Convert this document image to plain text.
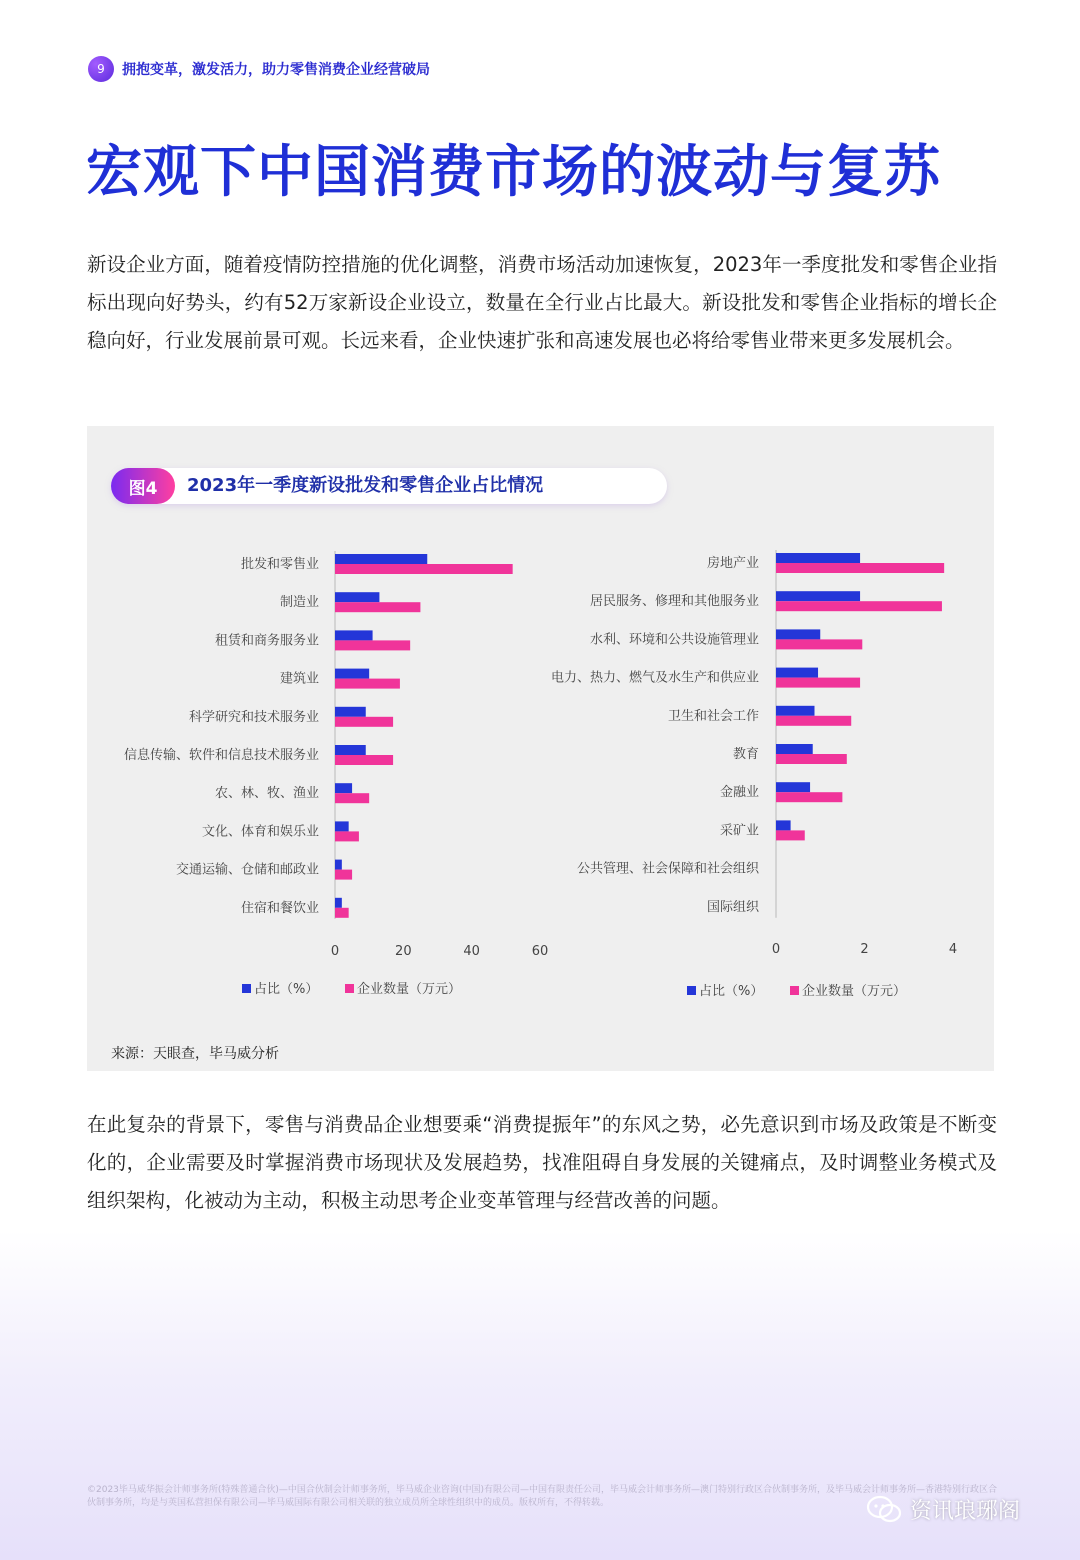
9	拥抱变革，激发活力，助力零售消费企业经营破局
宏观下中国消费市场的波动与复苏

新设企业方面，随着疫情防控措施的优化调整，消费市场活动加速恢复，2023年一季度批发和零售企业指标出现向好势头，约有52万家新设企业设立，数量在全行业占比最大。新设批发和零售企业指标的增长企稳向好，行业发展前景可观。长远来看，企业快速扩张和高速发展也必将给零售业带来更多发展机会。

图4	2023年一季度新设批发和零售企业占比情况
批发和零售业
制造业
租赁和商务服务业
建筑业
科学研究和技术服务业
信息传输、软件和信息技术服务业
农、林、牧、渔业
文化、体育和娱乐业
交通运输、仓储和邮政业
住宿和餐饮业
0	20	40	60
占比（%）	企业数量（万元）
房地产业
居民服务、修理和其他服务业
水利、环境和公共设施管理业
电力、热力、燃气及水生产和供应业
卫生和社会工作
教育
金融业
采矿业
公共管理、社会保障和社会组织
国际组织
0	2	4
占比（%）	企业数量（万元）
来源：天眼查，毕马威分析

在此复杂的背景下，零售与消费品企业想要乘“消费提振年”的东风之势，必先意识到市场及政策是不断变化的，企业需要及时掌握消费市场现状及发展趋势，找准阻碍自身发展的关键痛点，及时调整业务模式及组织架构，化被动为主动，积极主动思考企业变革管理与经营改善的问题。

©2023毕马威华振会计师事务所(特殊普通合伙)—中国合伙制会计师事务所，毕马威企业咨询(中国)有限公司—中国有限责任公司，毕马威会计师事务所—澳门特别行政区合伙制事务所，及毕马威会计师事务所—香港特别行政区合伙制事务所，均是与英国私营担保有限公司—毕马威国际有限公司相关联的独立成员所全球性组织中的成员。版权所有，不得转载。	资讯琅琊阁
